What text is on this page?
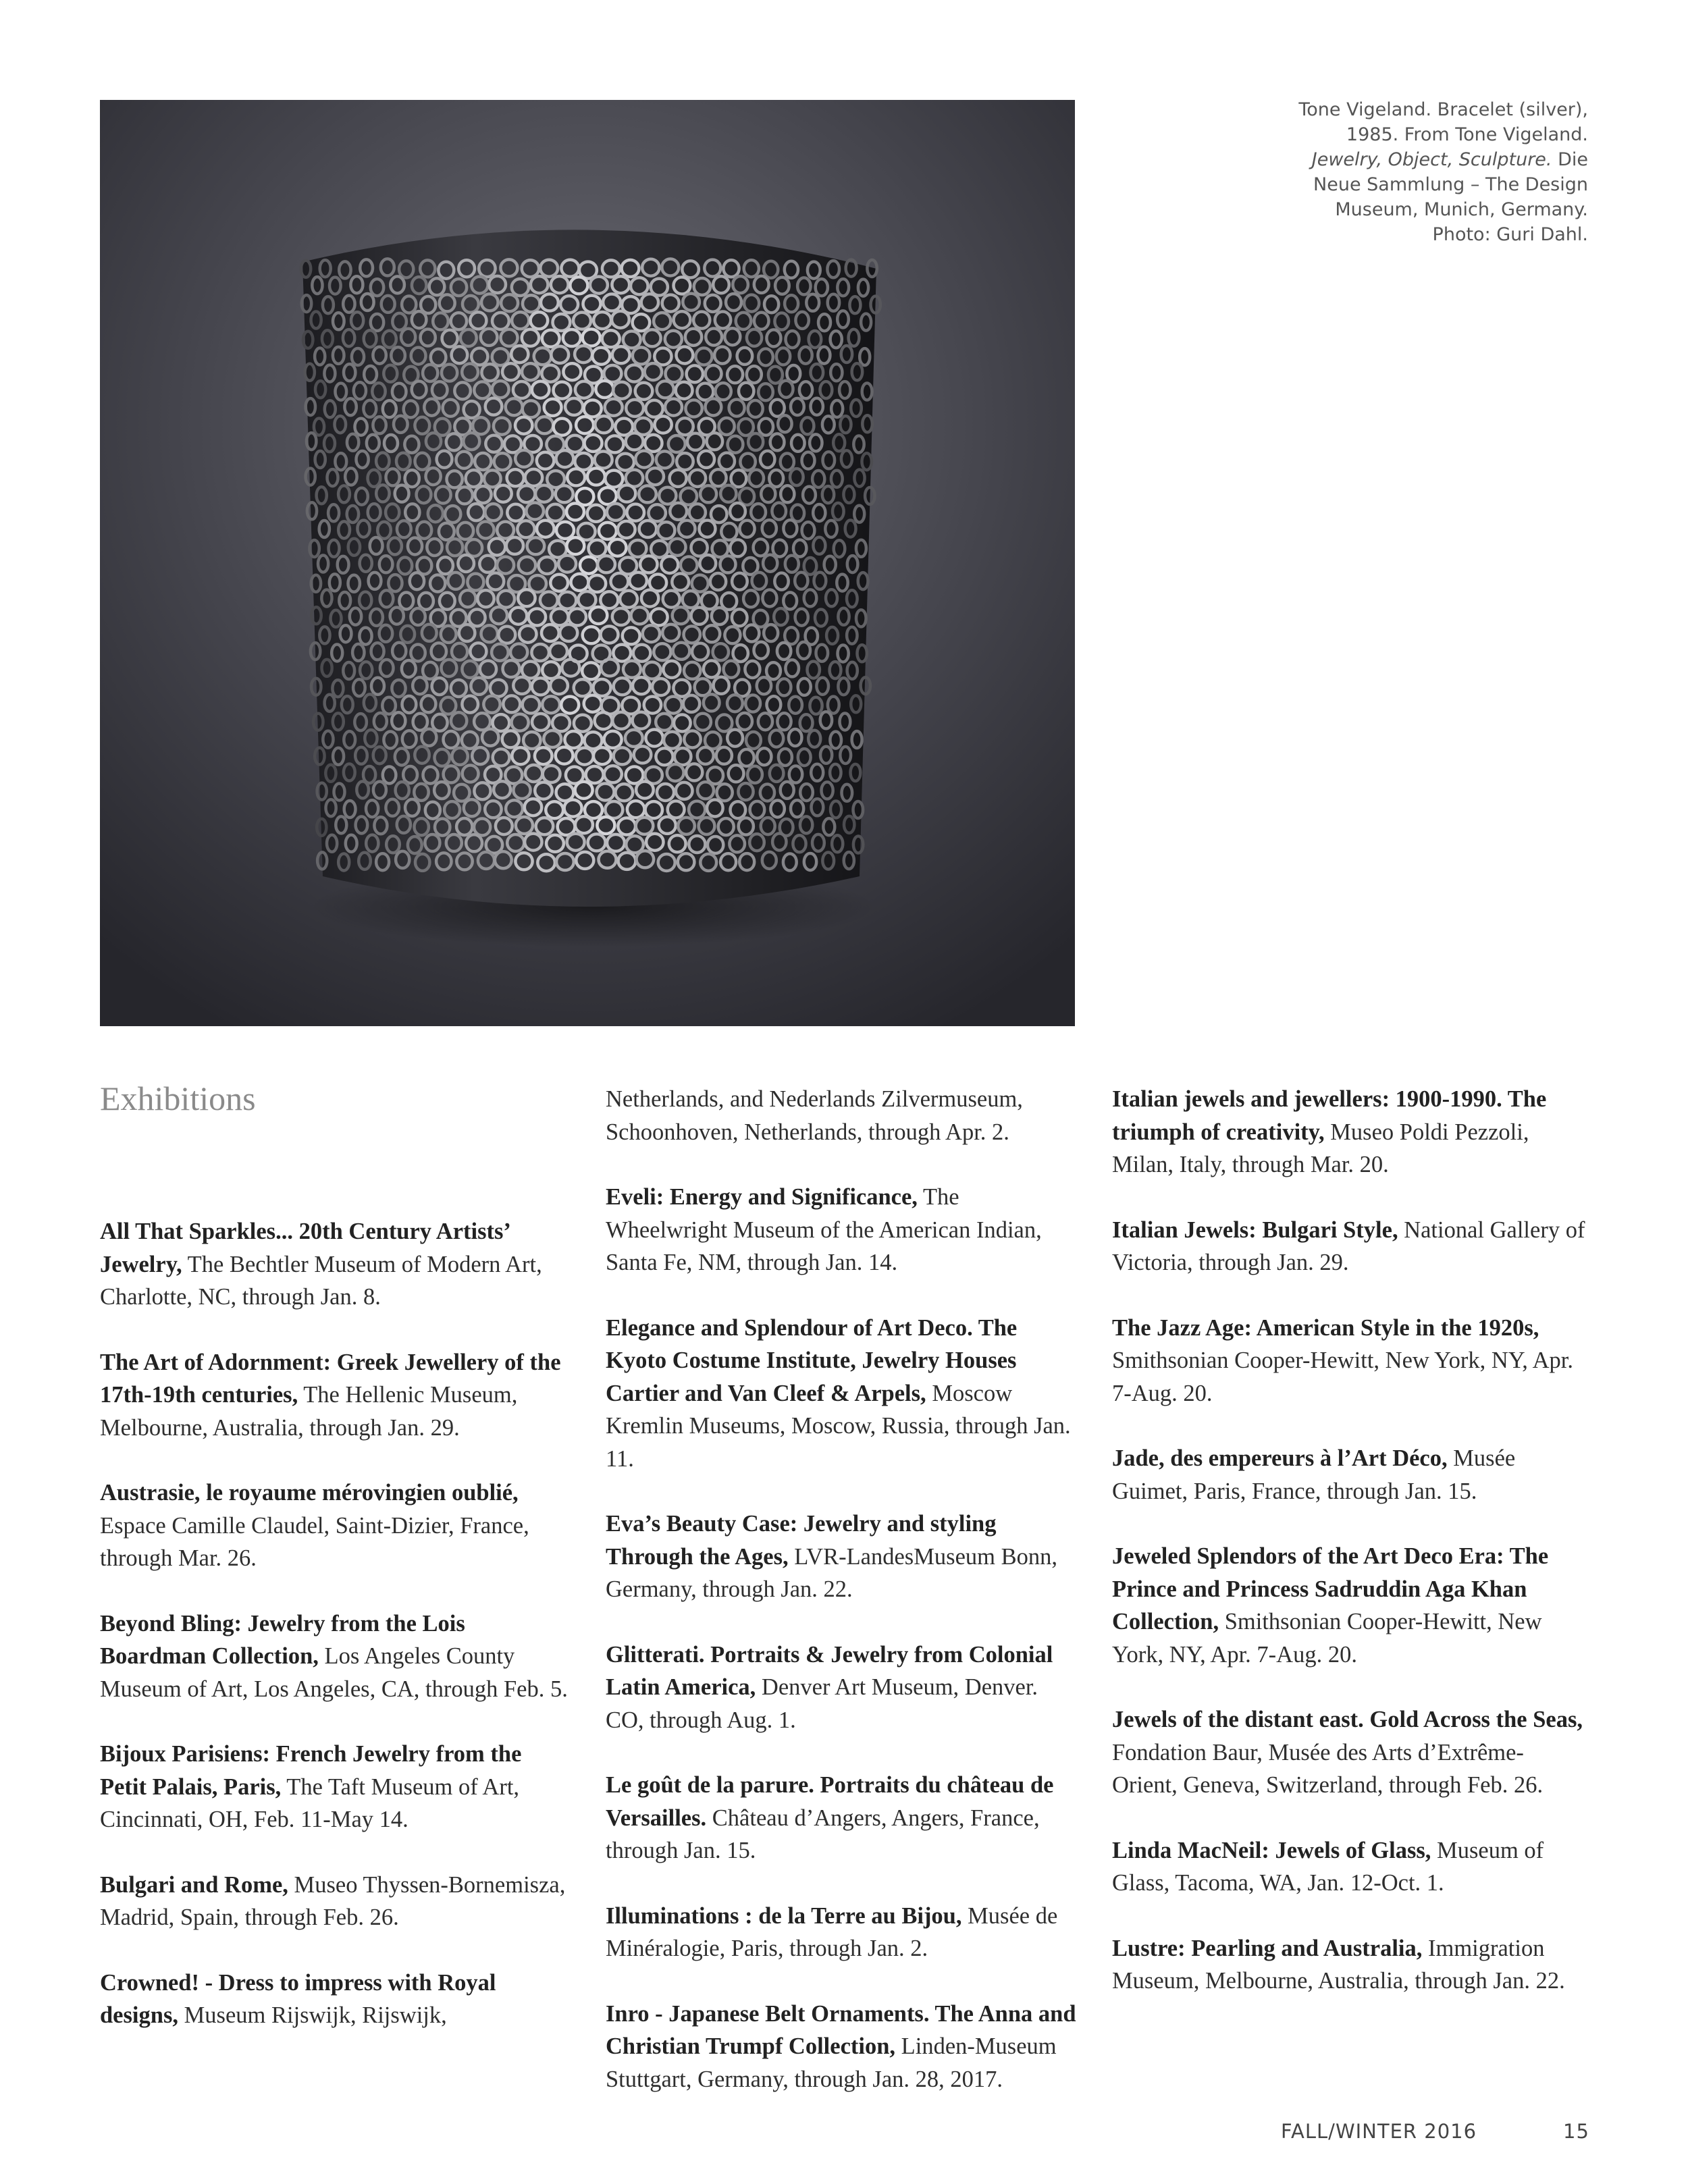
Tone Vigeland. Bracelet (silver),
1985. From Tone Vigeland.
Jewelry, Object, Sculpture. Die
Neue Sammlung – The Design
Museum, Munich, Germany.
Photo: Guri Dahl.
Exhibitions

All That Sparkles... 20th Century Artists’ Jewelry, The Bechtler Museum of Modern Art, Charlotte, NC, through Jan. 8.

The Art of Adornment: Greek Jewellery of the 17th-19th centuries, The Hellenic Museum, Melbourne, Australia, through Jan. 29.

Austrasie, le royaume mérovingien oublié, Espace Camille Claudel, Saint-Dizier, France, through Mar. 26.

Beyond Bling: Jewelry from the Lois Boardman Collection, Los Angeles County Museum of Art, Los Angeles, CA, through Feb. 5.

Bijoux Parisiens: French Jewelry from the Petit Palais, Paris, The Taft Museum of Art, Cincinnati, OH, Feb. 11-May 14.

Bulgari and Rome, Museo Thyssen-Bornemisza, Madrid, Spain, through Feb. 26.

Crowned! - Dress to impress with Royal designs, Museum Rijswijk, Rijswijk,

Netherlands, and Nederlands Zilvermuseum, Schoonhoven, Netherlands, through Apr. 2.

Eveli: Energy and Significance, The Wheelwright Museum of the American Indian, Santa Fe, NM, through Jan. 14.

Elegance and Splendour of Art Deco. The Kyoto Costume Institute, Jewelry Houses Cartier and Van Cleef & Arpels, Moscow Kremlin Museums, Moscow, Russia, through Jan. 11.

Eva’s Beauty Case: Jewelry and styling Through the Ages, LVR-LandesMuseum Bonn, Germany, through Jan. 22.

Glitterati. Portraits & Jewelry from Colonial Latin America, Denver Art Museum, Denver. CO, through Aug. 1.

Le goût de la parure. Portraits du château de Versailles. Château d’Angers, Angers, France, through Jan. 15.

Illuminations : de la Terre au Bijou, Musée de Minéralogie, Paris, through Jan. 2.

Inro - Japanese Belt Ornaments. The Anna and Christian Trumpf Collection, Linden-Museum Stuttgart, Germany, through Jan. 28, 2017.

Italian jewels and jewellers: 1900-1990. The triumph of creativity, Museo Poldi Pezzoli, Milan, Italy, through Mar. 20.

Italian Jewels: Bulgari Style, National Gallery of Victoria, through Jan. 29.

The Jazz Age: American Style in the 1920s, Smithsonian Cooper-Hewitt, New York, NY, Apr. 7-Aug. 20.

Jade, des empereurs à l’Art Déco, Musée Guimet, Paris, France, through Jan. 15.

Jeweled Splendors of the Art Deco Era: The Prince and Princess Sadruddin Aga Khan Collection, Smithsonian Cooper-Hewitt, New York, NY, Apr. 7-Aug. 20.

Jewels of the distant east. Gold Across the Seas, Fondation Baur, Musée des Arts d’Extrême-Orient, Geneva, Switzerland, through Feb. 26.

Linda MacNeil: Jewels of Glass, Museum of Glass, Tacoma, WA, Jan. 12-Oct. 1.

Lustre: Pearling and Australia, Immigration Museum, Melbourne, Australia, through Jan. 22.

FALL/WINTER 2016	15
